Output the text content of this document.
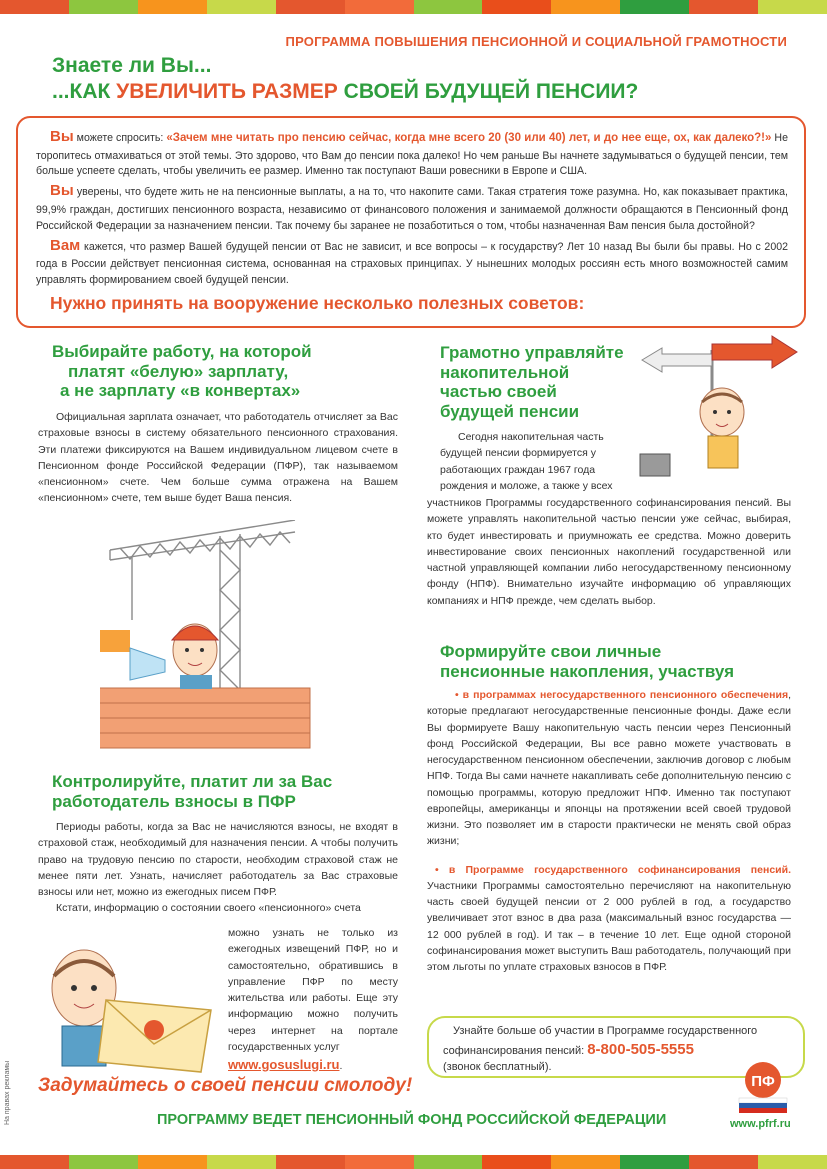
ПРОГРАММА ПОВЫШЕНИЯ ПЕНСИОННОЙ И СОЦИАЛЬНОЙ ГРАМОТНОСТИ
Знаете ли Вы...
...КАК УВЕЛИЧИТЬ РАЗМЕР СВОЕЙ БУДУЩЕЙ ПЕНСИИ?

Вы можете спросить: «Зачем мне читать про пенсию сейчас, когда мне всего 20 (30 или 40) лет, и до нее еще, ох, как далеко?!» Не торопитесь отмахиваться от этой темы. Это здорово, что Вам до пенсии пока далеко! Но чем раньше Вы начнете задумываться о будущей пенсии, тем больше успеете сделать, чтобы увеличить ее размер. Именно так поступают Ваши ровесники в Европе и США.

Вы уверены, что будете жить не на пенсионные выплаты, а на то, что накопите сами. Такая стратегия тоже разумна. Но, как показывает практика, 99,9% граждан, достигших пенсионного возраста, независимо от финансового положения и занимаемой должности обращаются в Пенсионный фонд Российской Федерации за назначением пенсии. Так почему бы заранее не позаботиться о том, чтобы назначенная Вам пенсия была достойной?

Вам кажется, что размер Вашей будущей пенсии от Вас не зависит, и все вопросы – к государству? Лет 10 назад Вы были бы правы. Но с 2002 года в России действует пенсионная система, основанная на страховых принципах. У нынешних молодых россиян есть много возможностей самим управлять формированием своей будущей пенсии.

Нужно принять на вооружение несколько полезных советов:

Выбирайте работу, на которой
платят «белую» зарплату,
а не зарплату «в конвертах»

Официальная зарплата означает, что работодатель отчисляет за Вас страховые взносы в систему обязательного пенсионного страхования. Эти платежи фиксируются на Вашем индивидуальном лицевом счете в Пенсионном фонде Российской Федерации (ПФР), так называемом «пенсионном» счете. Чем больше сумма отражена на Вашем «пенсионном» счете, тем выше будет Ваша пенсия.

Грамотно управляйте
накопительной
частью своей
будущей пенсии
Сегодня накопительная часть
будущей пенсии формируется у
работающих граждан 1967 года
рождения и моложе, а также у всех
участников Программы государственного софинансирования пенсий. Вы можете управлять накопительной частью пенсии уже сейчас, выбирая, кто будет инвестировать и приумножать ее средства. Можно доверить инвестирование своих пенсионных накоплений государственной или частной управляющей компании либо негосударственному пенсионному фонду (НПФ). Внимательно изучайте информацию об управляющих компаниях и НПФ прежде, чем сделать выбор.
Контролируйте, платит ли за Вас
работодатель взносы в ПФР

Периоды работы, когда за Вас не начисляются взносы, не входят в страховой стаж, необходимый для назначения пенсии. А чтобы получить право на трудовую пенсию по старости, необходим страховой стаж не менее пяти лет. Узнать, начисляет работодатель за Вас страховые взносы или нет, можно из ежегодных писем ПФР.

Кстати, информацию о состоянии своего «пенсионного» счета

можно узнать не только из ежегодных извещений ПФР, но и самостоятельно, обратившись в управление ПФР по месту жительства или работы. Еще эту информацию можно получить через интернет на портале государственных услуг
www.gosuslugi.ru.
Формируйте свои личные
пенсионные накопления, участвуя

• в программах негосударственного пенсионного обеспечения, которые предлагают негосударственные пенсионные фонды. Даже если Вы формируете Вашу накопительную часть пенсии через Пенсионный фонд Российской Федерации, Вы все равно можете участвовать в негосударственном пенсионном обеспечении, заключив договор с любым НПФ. Тогда Вы сами начнете накапливать себе дополнительную пенсию с помощью программы, которую предложит НПФ. Именно так поступают европейцы, американцы и японцы на протяжении всей своей трудовой жизни. Это позволяет им в старости практически не менять свой образ жизни;

• в Программе государственного софинансирования пенсий. Участники Программы самостоятельно перечисляют на накопительную часть своей будущей пенсии от 2 000 рублей в год, а государство увеличивает этот взнос в два раза (максимальный взнос государства — 12 000 рублей в год). И так – в течение 10 лет. Еще одной стороной софинансирования может выступить Ваш работодатель, получающий при этом льготы по уплате страховых взносов в ПФР.

Узнайте больше об участии в Программе государственного софинансирования пенсий: 8-800-505-5555
(звонок бесплатный).
Задумайтесь о своей пенсии смолоду!
ПРОГРАММУ ВЕДЕТ ПЕНСИОННЫЙ ФОНД РОССИЙСКОЙ ФЕДЕРАЦИИ	www.pfrf.ru
На правах рекламы	ПФ
